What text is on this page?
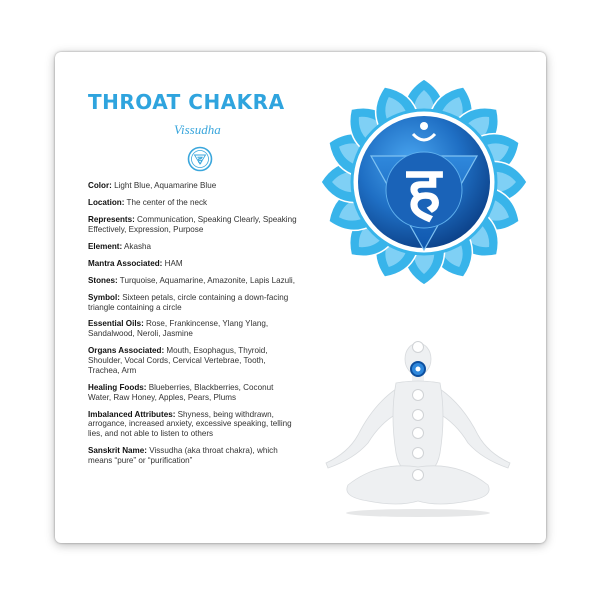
THROAT CHAKRA
Vissudha
ह
Color: Light Blue, Aquamarine Blue
Location: The center of the neck
Represents: Communication, Speaking Clearly, Speaking Effectively, Expression, Purpose
Element: Akasha
Mantra Associated: HAM
Stones: Turquoise, Aquamarine, Amazonite, Lapis Lazuli,
Symbol: Sixteen petals, circle containing a down-facing triangle containing a circle
Essential Oils: Rose, Frankincense, Ylang Ylang, Sandalwood, Neroli, Jasmine
Organs Associated: Mouth, Esophagus, Thyroid, Shoulder, Vocal Cords, Cervical Vertebrae, Tooth, Trachea, Arm
Healing Foods: Blueberries, Blackberries, Coconut Water, Raw Honey, Apples, Pears, Plums
Imbalanced Attributes: Shyness, being withdrawn, arrogance, increased anxiety, excessive speaking, telling lies, and not able to listen to others
Sanskrit Name: Vissudha (aka throat chakra), which means “pure” or “purification”
ह
